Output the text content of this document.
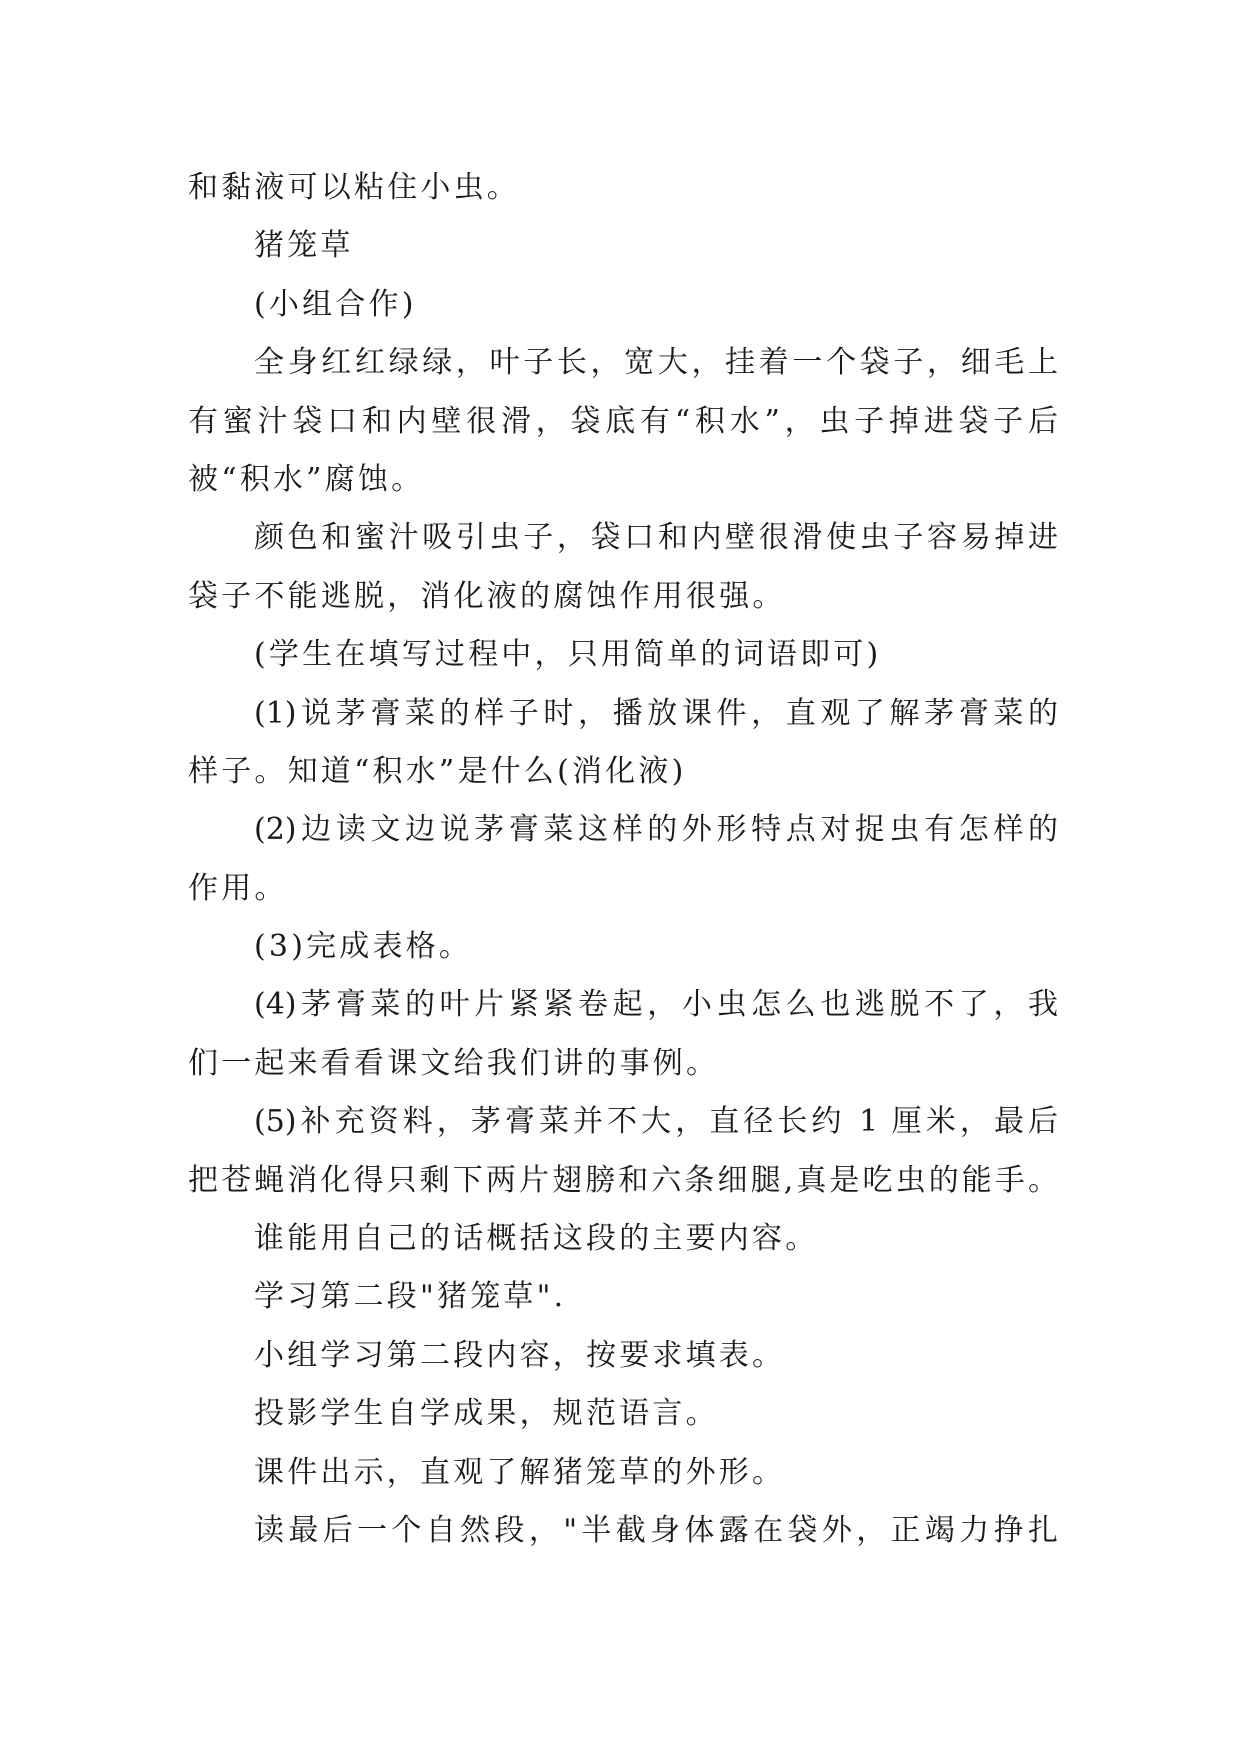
和黏液可以粘住小虫。
猪笼草
(小组合作)
全身红红绿绿，叶子长，宽大，挂着一个袋子，细毛上
有蜜汁袋口和内壁很滑，袋底有“积水”，虫子掉进袋子后
被“积水”腐蚀。
颜色和蜜汁吸引虫子，袋口和内壁很滑使虫子容易掉进
袋子不能逃脱，消化液的腐蚀作用很强。
(学生在填写过程中，只用简单的词语即可)
(1)说茅膏菜的样子时，播放课件，直观了解茅膏菜的
样子。知道“积水”是什么(消化液)
(2)边读文边说茅膏菜这样的外形特点对捉虫有怎样的
作用。
(3)完成表格。
(4)茅膏菜的叶片紧紧卷起，小虫怎么也逃脱不了，我
们一起来看看课文给我们讲的事例。
(5)补充资料，茅膏菜并不大，直径长约 1 厘米，最后
把苍蝇消化得只剩下两片翅膀和六条细腿,真是吃虫的能手。
谁能用自己的话概括这段的主要内容。
学习第二段"猪笼草".
小组学习第二段内容，按要求填表。
投影学生自学成果，规范语言。
课件出示，直观了解猪笼草的外形。
读最后一个自然段，"半截身体露在袋外，正竭力挣扎
